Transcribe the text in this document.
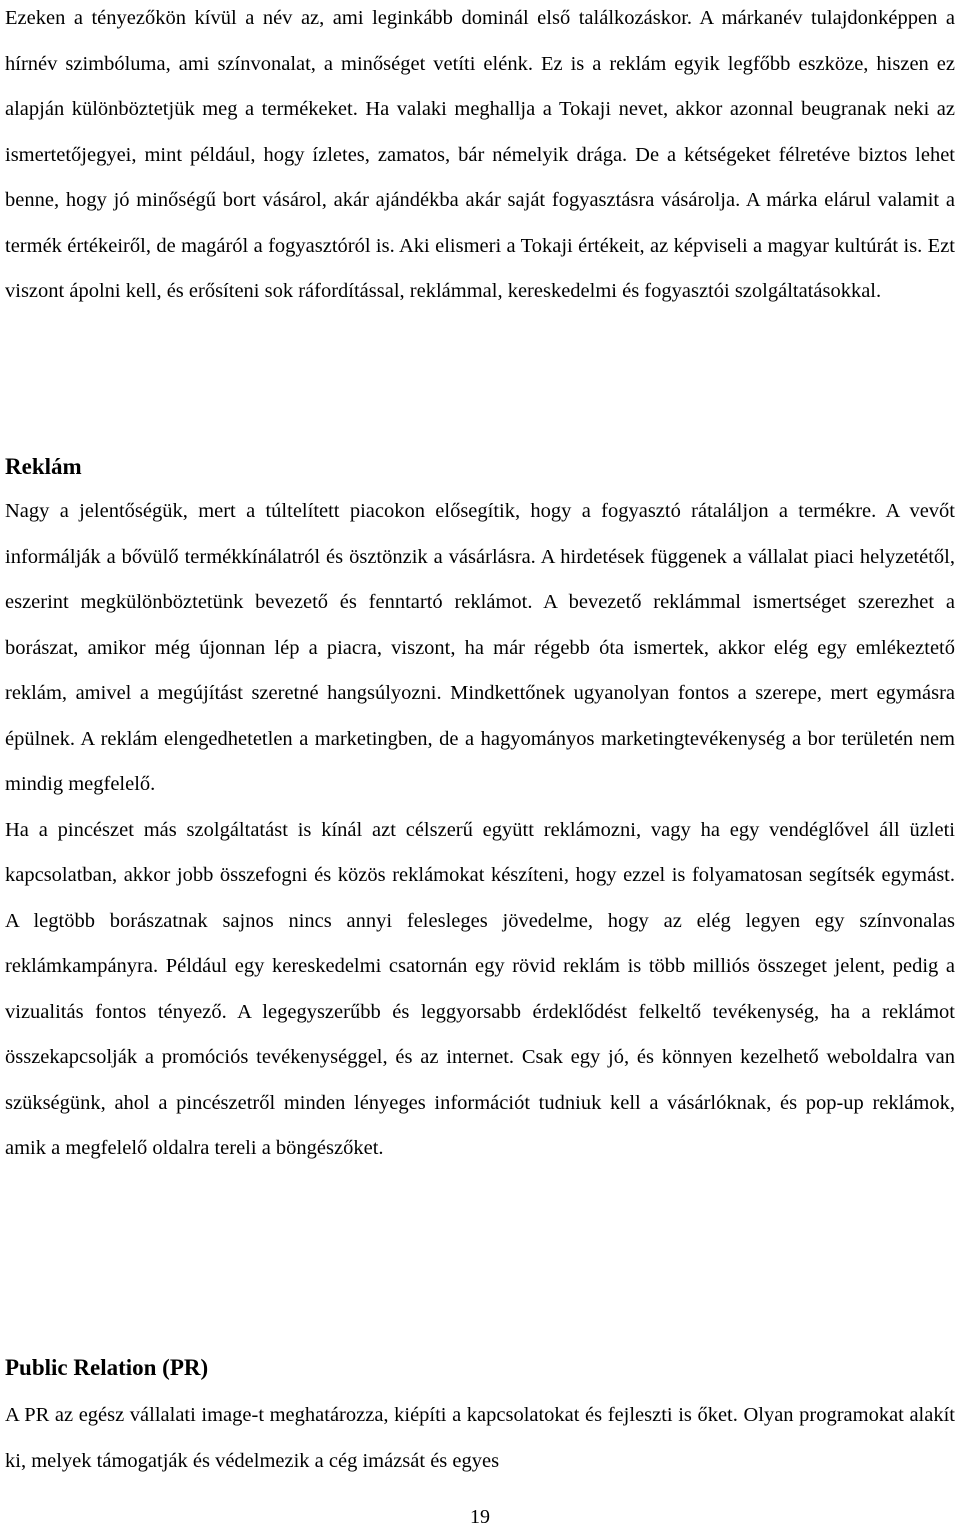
Ezeken a tényezőkön kívül a név az, ami leginkább dominál első találkozáskor. A márkanév tulajdonképpen a hírnév szimbóluma, ami színvonalat, a minőséget vetíti elénk. Ez is a reklám egyik legfőbb eszköze, hiszen ez alapján különböztetjük meg a termékeket. Ha valaki meghallja a Tokaji nevet, akkor azonnal beugranak neki az ismertetőjegyei, mint például, hogy ízletes, zamatos, bár némelyik drága. De a kétségeket félretéve biztos lehet benne, hogy jó minőségű bort vásárol, akár ajándékba akár saját fogyasztásra vásárolja. A márka elárul valamit a termék értékeiről, de magáról a fogyasztóról is. Aki elismeri a Tokaji értékeit, az képviseli a magyar kultúrát is. Ezt viszont ápolni kell, és erősíteni sok ráfordítással, reklámmal, kereskedelmi és fogyasztói szolgáltatásokkal.

Reklám

Nagy a jelentőségük, mert a túltelített piacokon elősegítik, hogy a fogyasztó rátaláljon a termékre. A vevőt informálják a bővülő termékkínálatról és ösztönzik a vásárlásra. A hirdetések függenek a vállalat piaci helyzetétől, eszerint megkülönböztetünk bevezető és fenntartó reklámot. A bevezető reklámmal ismertséget szerezhet a borászat, amikor még újonnan lép a piacra, viszont, ha már régebb óta ismertek, akkor elég egy emlékeztető reklám, amivel a megújítást szeretné hangsúlyozni. Mindkettőnek ugyanolyan fontos a szerepe, mert egymásra épülnek. A reklám elengedhetetlen a marketingben, de a hagyományos marketingtevékenység a bor területén nem mindig megfelelő.

Ha a pincészet más szolgáltatást is kínál azt célszerű együtt reklámozni, vagy ha egy vendéglővel áll üzleti kapcsolatban, akkor jobb összefogni és közös reklámokat készíteni, hogy ezzel is folyamatosan segítsék egymást. A legtöbb borászatnak sajnos nincs annyi felesleges jövedelme, hogy az elég legyen egy színvonalas reklámkampányra. Például egy kereskedelmi csatornán egy rövid reklám is több milliós összeget jelent, pedig a vizualitás fontos tényező. A legegyszerűbb és leggyorsabb érdeklődést felkeltő tevékenység, ha a reklámot összekapcsolják a promóciós tevékenységgel, és az internet. Csak egy jó, és könnyen kezelhető weboldalra van szükségünk, ahol a pincészetről minden lényeges információt tudniuk kell a vásárlóknak, és pop-up reklámok, amik a megfelelő oldalra tereli a böngészőket.

Public Relation (PR)

A PR az egész vállalati image-t meghatározza, kiépíti a kapcsolatokat és fejleszti is őket. Olyan programokat alakít ki, melyek támogatják és védelmezik a cég imázsát és egyes

19
